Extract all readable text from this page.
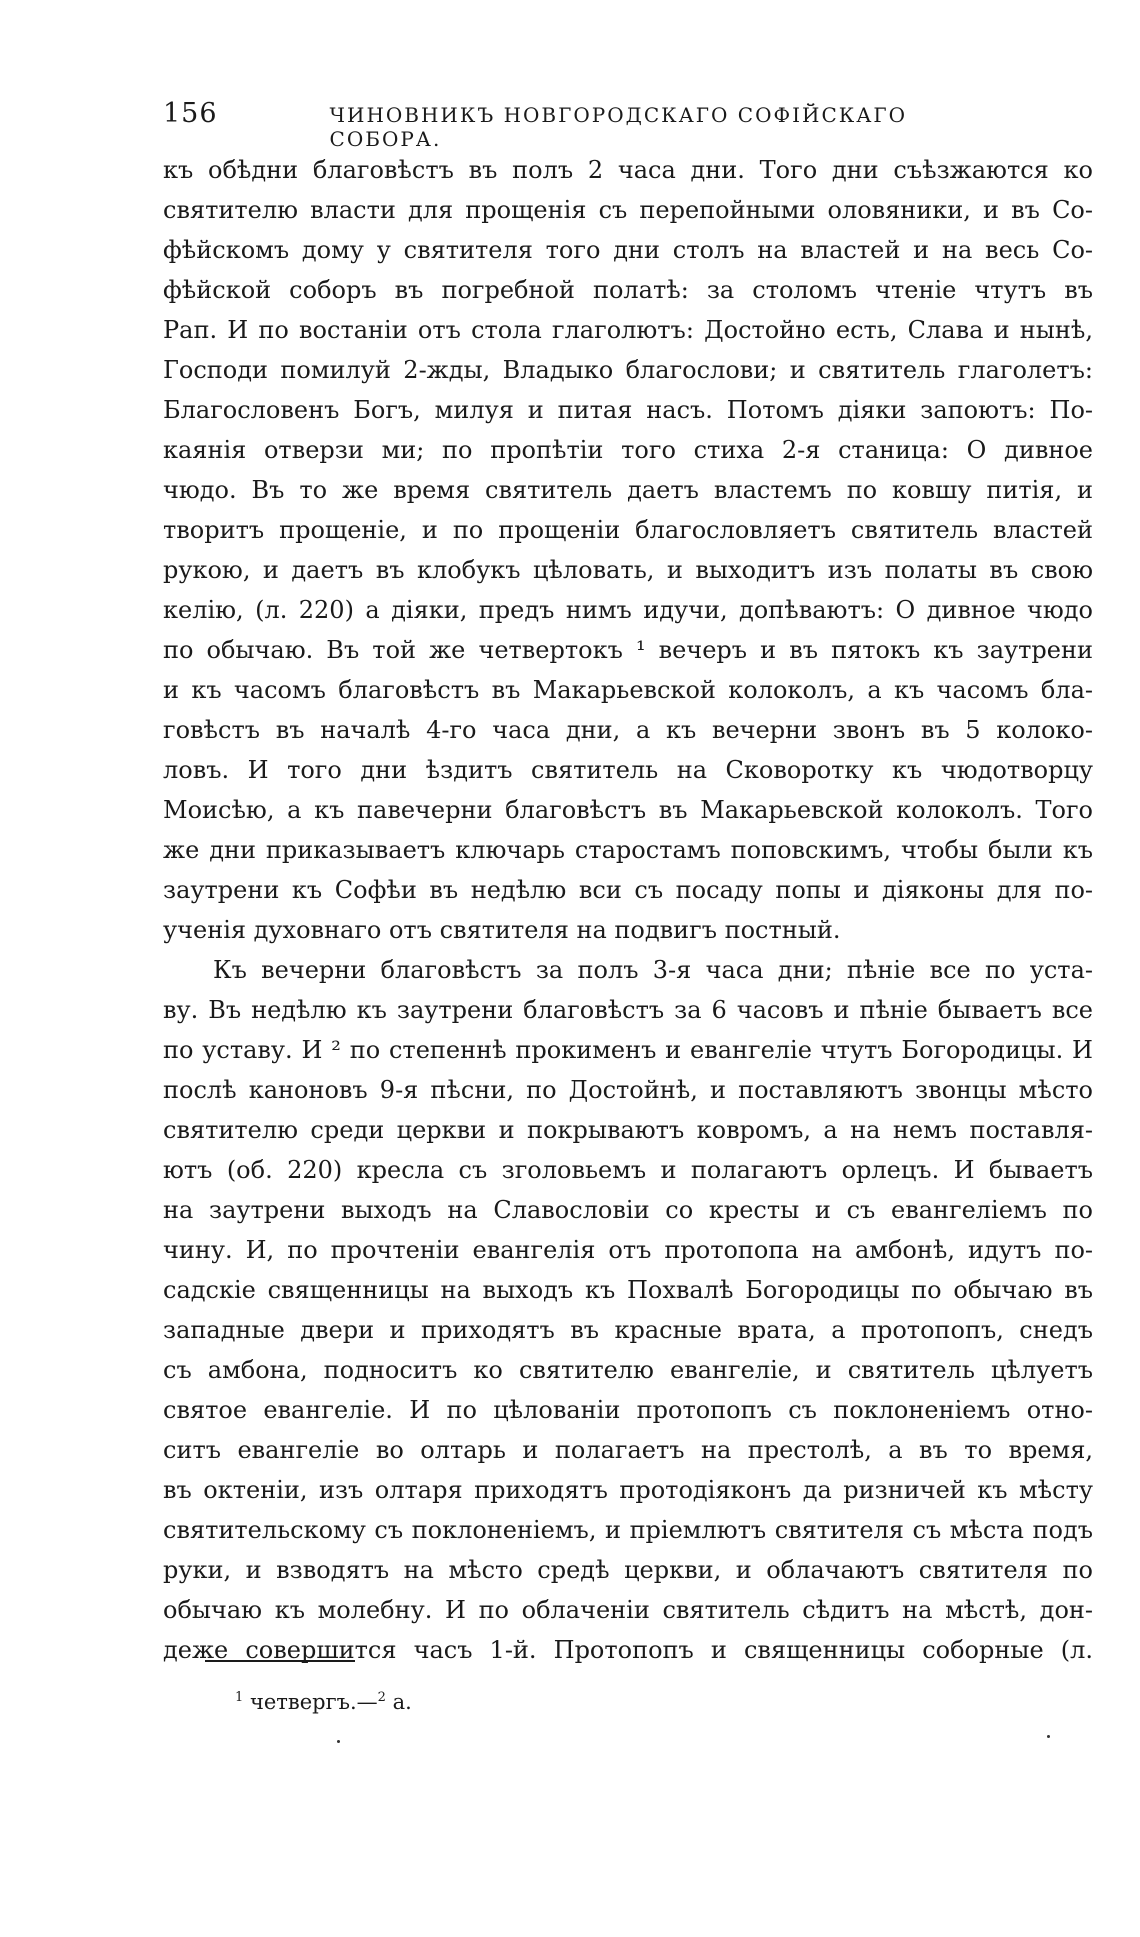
156	ЧИНОВНИКЪ НОВГОРОДСКАГО СОФІЙСКАГО СОБОРА.
къ обѣдни благовѣстъ въ полъ 2 часа дни. Того дни съѣзжаются ко
святителю власти для прощенія съ перепойными оловяники, и въ Со-
фѣйскомъ дому у святителя того дни столъ на властей и на весь Со-
фѣйской соборъ въ погребной полатѣ: за столомъ чтеніе чтутъ въ
Рап. И по востаніи отъ стола глаголютъ: Достойно есть, Слава и нынѣ,
Господи помилуй 2-жды, Владыко благослови; и святитель глаголетъ:
Благословенъ Богъ, милуя и питая насъ. Потомъ діяки запоютъ: По-
каянія отверзи ми; по пропѣтіи того стиха 2-я станица: О дивное
чюдо. Въ то же время святитель даетъ властемъ по ковшу питія, и
творитъ прощеніе, и по прощеніи благословляетъ святитель властей
рукою, и даетъ въ клобукъ цѣловать, и выходитъ изъ полаты въ свою
келію, (л. 220) а діяки, предъ нимъ идучи, допѣваютъ: О дивное чюдо
по обычаю. Въ той же четвертокъ ¹ вечеръ и въ пятокъ къ заутрени
и къ часомъ благовѣстъ въ Макарьевской колоколъ, а къ часомъ бла-
говѣстъ въ началѣ 4-го часа дни, а къ вечерни звонъ въ 5 колоко-
ловъ. И того дни ѣздитъ святитель на Сковоротку къ чюдотворцу
Моисѣю, а къ павечерни благовѣстъ въ Макарьевской колоколъ. Того
же дни приказываетъ ключарь старостамъ поповскимъ, чтобы были къ
заутрени къ Софѣи въ недѣлю вси съ посаду попы и діяконы для по-
ученія духовнаго отъ святителя на подвигъ постный.
Къ вечерни благовѣстъ за полъ 3-я часа дни; пѣніе все по уста-
ву. Въ недѣлю къ заутрени благовѣстъ за 6 часовъ и пѣніе бываетъ все
по уставу. И ² по степеннѣ прокименъ и евангеліе чтутъ Богородицы. И
послѣ каноновъ 9-я пѣсни, по Достойнѣ, и поставляютъ звонцы мѣсто
святителю среди церкви и покрываютъ ковромъ, а на немъ поставля-
ютъ (об. 220) кресла съ зголовьемъ и полагаютъ орлецъ. И бываетъ
на заутрени выходъ на Славословіи со кресты и съ евангеліемъ по
чину. И, по прочтеніи евангелія отъ протопопа на амбонѣ, идутъ по-
садскіе священницы на выходъ къ Похвалѣ Богородицы по обычаю въ
западные двери и приходятъ въ красные врата, а протопопъ, снедъ
съ амбона, подноситъ ко святителю евангеліе, и святитель цѣлуетъ
святое евангеліе. И по цѣлованіи протопопъ съ поклоненіемъ отно-
ситъ евангеліе во олтарь и полагаетъ на престолѣ, а въ то время,
въ октеніи, изъ олтаря приходятъ протодіяконъ да ризничей къ мѣсту
святительскому съ поклоненіемъ, и пріемлютъ святителя съ мѣста подъ
руки, и взводятъ на мѣсто средѣ церкви, и облачаютъ святителя по
обычаю къ молебну. И по облаченіи святитель сѣдитъ на мѣстѣ, дон-
деже совершится часъ 1-й. Протопопъ и священницы соборные (л.
$^1$ четвергъ.—$^2$ а.
